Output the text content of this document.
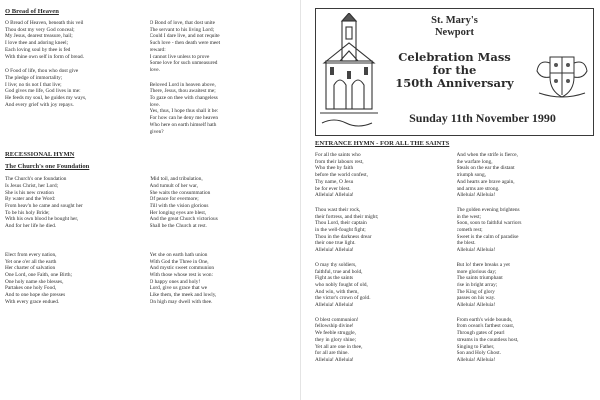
O Bread of Heaven
O Bread of Heaven, beneath this veil
Thou dost my very God conceal;
My Jesus, dearest treasure, hail;
I love thee and adoring kneel;
Each loving soul by thee is fed
With thine own self in form of bread.
O Food of life, thou who dost give
The pledge of immortality;
I live; no tis not I that live;
God gives me life, God lives in me:
He feeds my soul, he guides my ways,
And every grief with joy repays.
O Bond of love, that dost unite
The servant to his living Lord;
Could I dare live, and not requite
Such love - then death were meet
reward:
I cannot live unless to prove
Some love for such unmeasured
love.
Beloved Lord in heaven above,
There, Jesus, thou awaitest me;
To gaze on thee with changeless
love.
Yes, thus, I hope thus shall it be:
For how can he deny me heaven
Who here on earth himself hath
given?
RECESSIONAL HYMN
The Church's one Foundation
The Church's one foundation
Is Jesus Christ, her Lord;
She is his new creation
By water and the Word:
From heav'n he came and sought her
To be his holy Bride;
With his own blood he bought her,
And for her life he died.
Elect from every nation,
Yet one o'er all the earth
Her charter of salvation
One Lord, one Faith, one Birth;
One holy name she blesses,
Partakes one holy Food,
And to one hope she presses
With every grace endued.
'Mid toil, and tribulation,
And tumult of her war,
She waits the consummation
Of peace for evermore;
Till with the vision glorious
Her longing eyes are blest,
And the great Church victorious
Shall be the Church at rest.
Yet she on earth hath union
With God the Three in One,
And mystic sweet communion
With those whose rest is won:
O happy ones and holy!
Lord, give us grace that we
Like them, the meek and lowly,
On high may dwell with thee.
St. Mary's
Newport
Celebration Mass
for the
150th Anniversary
Sunday 11th November 1990
ENTRANCE HYMN - FOR ALL THE SAINTS
For all the saints who
from their labours rest,
Who thee by faith
before the world confest,
Thy name, O Jesu
be for ever blest.
Alleluia! Alleluia!
Thou wast their rock,
their fortress, and their might;
Thou Lord, their captain
in the well-fought fight;
Thou in the darkness drear
their one true light.
Alleluia! Alleluia!
O may thy soldiers,
faithful, true and bold,
Fight as the saints
who nobly fought of old,
And win, with them,
the victor's crown of gold.
Alleluia! Alleluia!
O blest communion!
fellowship divine!
We feeble struggle,
they in glory shine;
Yet all are one in thee,
for all are thine.
Alleluia! Alleluia!
And when the strife is fierce,
the warfare long,
Steals on the ear the distant
triumph song,
And hearts are brave again,
and arms are strong.
Alleluia! Alleluia!
The golden evening brightens
in the west;
Soon, soon to faithful warriors
cometh rest;
Sweet is the calm of paradise
the blest.
Alleluia! Alleluia!
But lo! there breaks a yet
more glorious day;
The saints triumphant
rise in bright array;
The King of glory
passes on his way.
Alleluia! Alleluia!
From earth's wide bounds,
from ocean's farthest coast,
Through gates of pearl
streams in the countless host,
Singing to Father,
Son and Holy Ghost.
Alleluia! Alleluia!
